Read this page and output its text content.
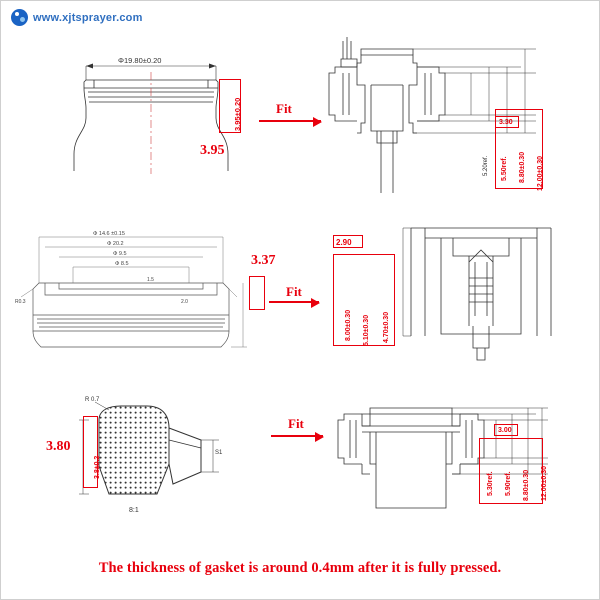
www.xjtsprayer.com
Φ19.80±0.20
3.95±0.20
3.95
Fit
3.30
5.20ref. 5.50ref. 8.80±0.30 12.00±0.30
Φ 14.6 ±0.15
Φ 20.2
Φ 9.5
Φ 8.5
R0.3
1.5
2.0
3.37
Fit
2.90
8.00±0.30 5.10±0.30 4.70±0.30
R 0.7
S1
8:1
3.8±0.2
3.80
Fit	3.00
5.30ref. 5.90ref. 8.80±0.30 12.00±0.30
The thickness of gasket is around 0.4mm after it is fully pressed.
